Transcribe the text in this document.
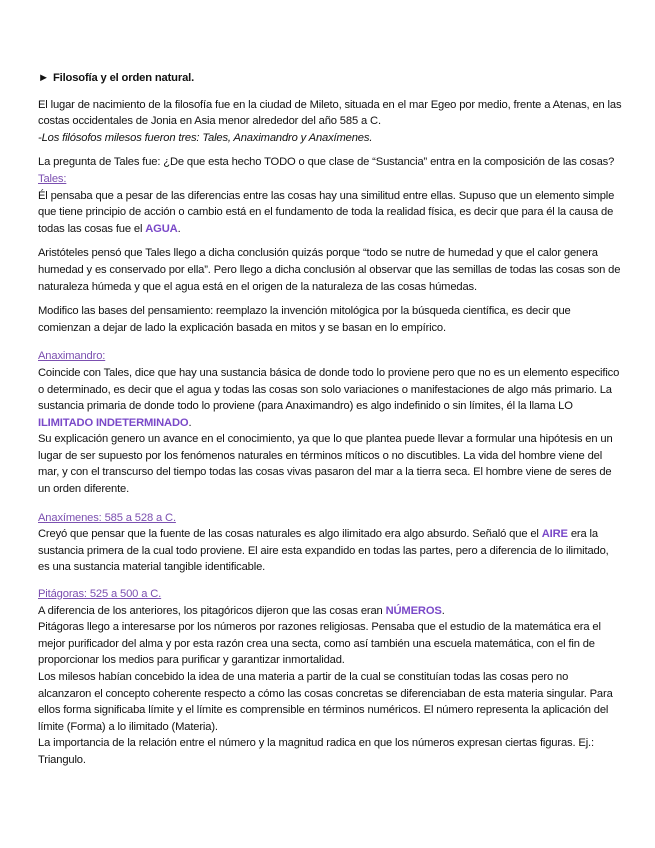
► Filosofía y el orden natural.

El lugar de nacimiento de la filosofía fue en la ciudad de Mileto, situada en el mar Egeo por medio, frente a Atenas, en las costas occidentales de Jonia en Asia menor alrededor del año 585 a C.

-Los filósofos milesos fueron tres: Tales, Anaximandro y Anaxímenes.

La pregunta de Tales fue: ¿De que esta hecho TODO o que clase de “Sustancia” entra en la composición de las cosas?

Tales:

Él pensaba que a pesar de las diferencias entre las cosas hay una similitud entre ellas. Supuso que un elemento simple que tiene principio de acción o cambio está en el fundamento de toda la realidad física, es decir que para él la causa de todas las cosas fue el AGUA.

Aristóteles pensó que Tales llego a dicha conclusión quizás porque “todo se nutre de humedad y que el calor genera humedad y es conservado por ella”. Pero llego a dicha conclusión al observar que las semillas de todas las cosas son de naturaleza húmeda y que el agua está en el origen de la naturaleza de las cosas húmedas.

Modifico las bases del pensamiento: reemplazo la invención mitológica por la búsqueda científica, es decir que comienzan a dejar de lado la explicación basada en mitos y se basan en lo empírico.

Anaximandro:

Coincide con Tales, dice que hay una sustancia básica de donde todo lo proviene pero que no es un elemento especifico o determinado, es decir que el agua y todas las cosas son solo variaciones o manifestaciones de algo más primario. La sustancia primaria de donde todo lo proviene (para Anaximandro) es algo indefinido o sin límites, él la llama LO ILIMITADO INDETERMINADO.

Su explicación genero un avance en el conocimiento, ya que lo que plantea puede llevar a formular una hipótesis en un lugar de ser supuesto por los fenómenos naturales en términos míticos o no discutibles. La vida del hombre viene del mar, y con el transcurso del tiempo todas las cosas vivas pasaron del mar a la tierra seca. El hombre viene de seres de un orden diferente.

Anaxímenes: 585 a 528 a C.

Creyó que pensar que la fuente de las cosas naturales es algo ilimitado era algo absurdo. Señaló que el AIRE era la sustancia primera de la cual todo proviene. El aire esta expandido en todas las partes, pero a diferencia de lo ilimitado, es una sustancia material tangible identificable.

Pitágoras: 525 a 500 a C.

A diferencia de los anteriores, los pitagóricos dijeron que las cosas eran NÚMEROS.

Pitágoras llego a interesarse por los números por razones religiosas. Pensaba que el estudio de la matemática era el mejor purificador del alma y por esta razón crea una secta, como así también una escuela matemática, con el fin de proporcionar los medios para purificar y garantizar inmortalidad.

Los milesos habían concebido la idea de una materia a partir de la cual se constituían todas las cosas pero no alcanzaron el concepto coherente respecto a cómo las cosas concretas se diferenciaban de esta materia singular. Para ellos forma significaba límite y el límite es comprensible en términos numéricos. El número representa la aplicación del límite (Forma) a lo ilimitado (Materia).

La importancia de la relación entre el número y la magnitud radica en que los números expresan ciertas figuras. Ej.: Triangulo.
